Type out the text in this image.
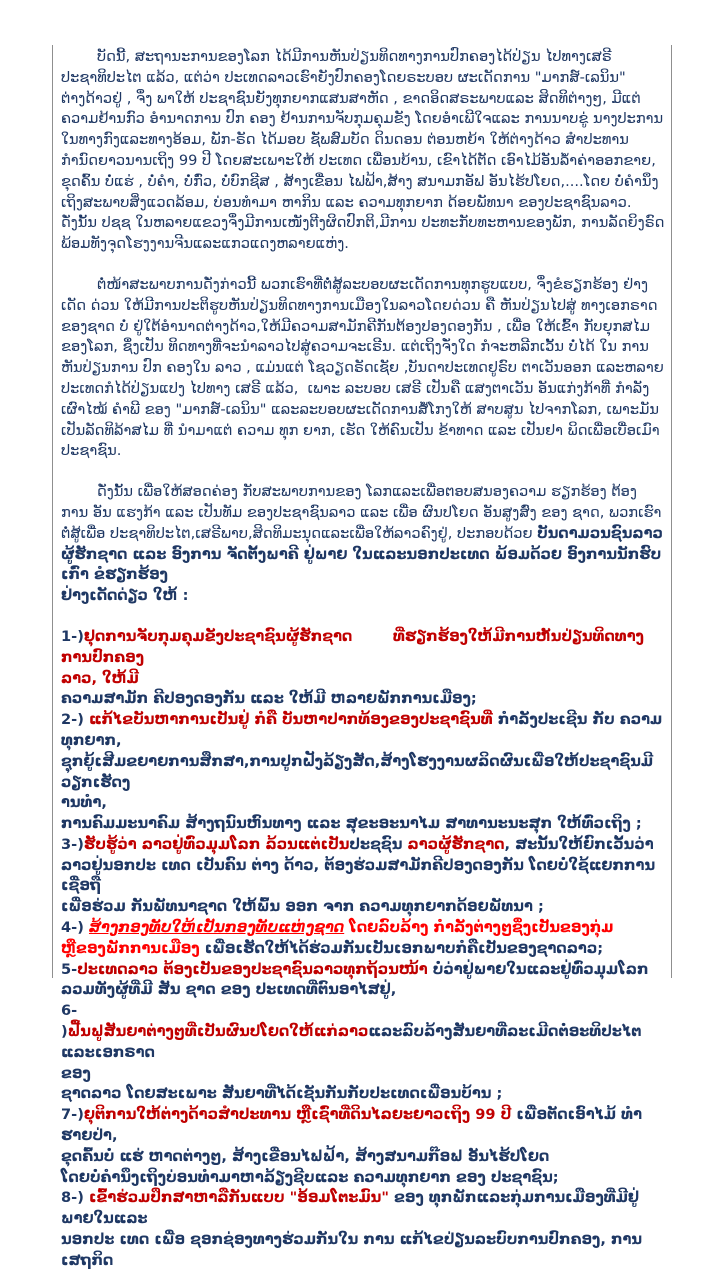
ບັດນີ້, ສະຖານະການຂອງໂລກ ໄດ້ມີການຫັນປ່ຽນທິດທາງການປົກຄອງໄດ້ປ່ຽນ ໄປທາງເສຣີປະຊາທິປະໄຕ ແລ້ວ, ແຕ່ວ່າ ປະເທດລາວເຮົາຍັງປົກຄອງໂດຍຣະບອບ ຜະເດັດການ "ມາກສ໌-ເລນິນ" ຕ່າງດ້າວຢູ່ , ຈຶ່ງ ພາໃຫ້ ປະຊາຊົນຍັງທຸກຍາກແສນສາຫັດ , ຂາດອິດສຣະພາບແລະ ສິດທິຕ່າງໆ, ມີແຕ່ຄວາມຢ້ານກົວ ອຳນາດການ ປົກ ຄອງ ຢ້ານການຈັບກຸມຄຸມຂັງ ໂດຍອຳເພີໃຈແລະ ການນາບຂູ່ ນາງປະການໃນທາງກົງແລະທາງອ້ອມ, ພັກ-ຣັດ ໄດ້ມອບ ຊັພສົມບັດ ດິນດອນ ຕ່ອນຫຍ້າ ໃຫ້ຕ່າງດ້າວ ສຳປະທານ ກຳນົດຍາວນານເຖິງ 99 ປີ ໂດຍສະເພາະໃຫ້ ປະເທດ ເພື່ອນບ້ານ, ເຂົາໄດ້ຕັດ ເອົາໄມ້ອັນລ້ຳຄ່າອອກຂາຍ, ຂຸດຄົ້ນ ບໍ່ແຮ່ , ບໍ່ຄຳ, ບໍ່ກົ່ວ, ບໍ່ບົກຊີສ , ສ້າງເຂື່ອນ ໄຟຟ້າ,ສ້າງ ສນາມກອັຟ ອັນໄຮ້ປໂຍດ,....ໂດຍ ບໍ່ຄຳນຶງ ເຖິງສະພາບສິ່ງແວດລ້ອມ, ບ່ອນທຳມາ ຫາກິນ ແລະ ຄວາມທຸກຍາກ ດ້ອຍພັທນາ ຂອງປະຊາຊົນລາວ. ດັ່ງນັ້ນ ປຊຊ ໃນຫລາຍແຂວງຈຶ່ງມີການເໜັງຕີງຜິດປົກຕິ,ມີການ ປະທະກັບທະຫານຂອງພັກ, ການລັດຍິງຣົດພ້ອມທັງຈຸດໂຮງງານຈີນແລະແກວແດງຫລາຍແຫ່ງ.

ຕໍ່ໜ້າສະພາບການດັ່ງກ່າວນີ້ ພວກເຮົາທີ່ຕໍ່ສູ້ລະບອບຜະເດັດການທຸກຮູບແບບ, ຈຶ່ງຂໍຮຽກຮ້ອງ ຢ່າງເດັດ ດ່ວນ ໃຫ້ມີການປະຕິຮູບຫັນປ່ຽນທິດທາງການເມືອງໃນລາວໂດຍດ່ວນ ຄື ຫັນປ່ຽນໄປສູ່ ທາງເອກຣາດ ຂອງຊາດ ບໍ່ ຢູ່ໃຕ້ອຳນາດຕ່າງດ້າວ,ໃຫ້ມີຄວາມສາມັກຄີກັນຕ້ອງປອງດອງກັນ , ເພື່ອ ໃຫ້ເຂົ້າ ກັບຍຸກສໄມຂອງໂລກ, ຊຶ່ງເປັນ ທິດທາງທີ່ຈະນຳລາວໄປສູ່ຄວາມຈະເຣີນ. ແຕ່ເຖິງຈັ່ງໃດ ກໍຈະຫລີກເວັ້ນ ບໍ່ໄດ້ ໃນ ການຫັນປ່ຽນການ ປົກ ຄອງໃນ ລາວ , ແມ່ນແຕ່ ໂຊວຽດຣັດເຊັຍ ,ບັນດາປະເທດຢູຣົບ ຕາເວັນອອກ ແລະຫລາຍປະເທດກໍໄດ້ປ່ຽນແປງ ໄປທາງ ເສຣີ ແລ້ວ,  ເພາະ ລະບອບ ເສຣີ ເປັນຄື ແສງຕາເວັນ ອັນແກ່ງກ້າທີ່ ກຳລັງເຜົາໄໝ້ ຄຳພີ ຂອງ "ມາກສ໌-ເລນິນ" ແລະລະບອບຜະເດັດການສໍ້ໂກງໃຫ້ ສາບສູນ ໄປຈາກໂລກ, ເພາະມັນ ເປັນລັດທິລ້າສໄມ ທີ່ ນຳມາແຕ່ ຄວາມ ທຸກ ຍາກ, ເຮັດ ໃຫ້ຄົນເປັນ ຂ້າທາດ ແລະ ເປັນຢາ ພິດເພື່ອເບື່ອເມົາປະຊາຊົນ.

ດັ່ງນັ້ນ ເພື່ອໃຫ້ສອດຄ່ອງ ກັບສະພາບການຂອງ ໂລກແລະເພື່ອຕອບສນອງຄວາມ ຮຽກຮ້ອງ ຕ້ອງ ການ ອັນ ແຮງກ້າ ແລະ ເປັນທັມ ຂອງປະຊາຊົນລາວ ແລະ ເພື່ອ ຜົນປໂຍດ ອັນສູງສົ່ງ ຂອງ ຊາດ, ພວກເຮົາ ຕໍ່ສູ້ເພື່ອ ປະຊາທິປະໄຕ,ເສຣີພາບ,ສິດທິມະນຸດແລະເພື່ອໃຫ້ລາວຄົງຢູ່, ປະກອບດ້ວຍ ບັນດາມວນຊົນລາວຜູ້ຮັກຊາດ ແລະ ອົງການ ຈັດຕັ້ງພາຄີ ຢູ່ພາຍ ໃນແລະນອກປະເທດ ພ້ອມດ້ວຍ ອົງການນັກຮົບເກົ່າ ຂໍຮຽກຮ້ອງ
ຢ່າງເດັດດ່ຽວ ໃຫ້ :

1-)ຢຸດການຈັບກຸມຄຸມຂັງປະຊາຊົນຜູ້ຮັກຊາດ        ທີ່ຮຽກຮ້ອງໃຫ້ມີການຫັນປ່ຽນທິດທາງການປົກຄອງ
ລາວ, ໃຫ້ມີ
ຄວາມສາມັກ ຄີປອງດອງກັນ ແລະ ໃຫ້ມີ ຫລາຍພັກການເມືອງ;

2-) ແກ້ໄຂບັນຫາການເປັນຢູ່ ກໍຄື ບັນຫາປາກທ້ອງຂອງປະຊາຊົນທີ່ ກຳລັງປະເຊີນ ກັບ ຄວາມທຸກຍາກ,
ຊຸກຍູ້ເສີມຂຍາຍການສຶກສາ,ການປູກຝັງລ້ຽງສັດ,ສ້າງໂຮງງານຜລິດຜົນເພື່ອໃຫ້ປະຊາຊົນມີວຽກເຮັດງ
ານທຳ,
ການຄົມມະນາຄົມ ສ້າງຖນົນຫົນທາງ ແລະ ສຸຂະອະນາໄມ ສາທານະນະສຸກ ໃຫ້ທົ່ວເຖິງ ;

3-)ຮັບຮູ້ວ່າ ລາວຢູ່ທົ່ວມຸມໂລກ ລ້ວນແຕ່ເປັນປະຊຊົນ ລາວຜູ້ຮັກຊາດ, ສະນັ້ນໃຫ້ຍົກເວັ້ນວ່າ
ລາວຢູ່ນອກປະ ເທດ ເປັນຄົນ ຕ່າງ ດ້າວ, ຕ້ອງຮ່ວມສາມັກຄີປອງດອງກັນ ໂດຍບໍ່ໃຊ້ແຍກການເຊື່ອຖື
ເພື່ອຮ່ວມ ກັນພັທນາຊາດ ໃຫ້ພົ້ນ ອອກ ຈາກ ຄວາມທຸກຍາກດ້ອຍພັທນາ ;

4-) ສ້າງກອງທັບໃຫ້ເປັນກອງທັບແຫ່ງຊາດ ໂດຍລົບລ້າງ ກຳລັງຕ່າງໆຊຶ່ງເປັນຂອງກຸ່ມ
ຫຼືຂອງພັກການເມືອງ ເພື່ອເຮັດໃຫ້ໄດ້ຮ່ວມກັນເປັນເອກພາບກໍຄືເປັນຂອງຊາດລາວ;

5-ປະເທດລາວ ຕ້ອງເປັນຂອງປະຊາຊົນລາວທຸກຖ້ວນໜ້າ ບໍ່ວ່າຢູ່ພາຍໃນແລະຢູ່ທົ່ວມຸມໂລກ
ລວມທັງຜູ້ທີ່ມີ ສັນ ຊາດ ຂອງ ປະເທດທີ່ຕົນອາໄສຢູ່,

6-
)ຟື້ນຟູສັນຍາຕ່າງໆທີ່ເປັນຜົນປໂຍດໃຫ້ແກ່ລາວແລະລົບລ້າງສັນຍາທີ່ລະເມີດຕໍ່ອະທິປະໄຕແລະເອກຣາດ
ຂອງ
ຊາດລາວ ໂດຍສະເພາະ ສັນຍາທີ່ໄດ້ເຊັນກັນກັບປະເທດເພື່ອນບ້ານ ;

7-)ຍຸຕິການໃຫ້ຕ່າງດ້າວສຳປະທານ ຫຼືເຊົ່າທີ່ດິນໄລຍະຍາວເຖິງ 99 ປີ ເພື່ອຕັດເອົາໄມ້ ທຳຮາຍປ່າ,
ຂຸດຄົ້ນບໍ່ ແຮ່ ຫາດຕ່າງໆ, ສ້າງເຂື່ອນໄຟຟ້າ, ສ້າງສນາມກ໊ອຟ ອັນໄຮ້ປໂຍດ
ໂດຍບໍ່ຄຳນຶງເຖິງບ່ອນທຳມາຫາລ້ຽງຊີບແລະ ຄວາມທຸກຍາກ ຂອງ ປະຊາຊົນ;

8-) ເຂົ້າຮ່ວມປຶກສາຫາລືກັນແບບ "ອ້ອມໂຕະມົນ" ຂອງ ທຸກພັກແລະກຸ່ມການເມືອງທີ່ມີຢູ່ພາຍໃນແລະ
ນອກປະ ເທດ ເພື່ອ ຊອກຊ່ອງທາງຮ່ວມກັນໃນ ການ ແກ້ໄຂປ່ຽນລະບົບການປົກຄອງ, ການເສຖກິດ
